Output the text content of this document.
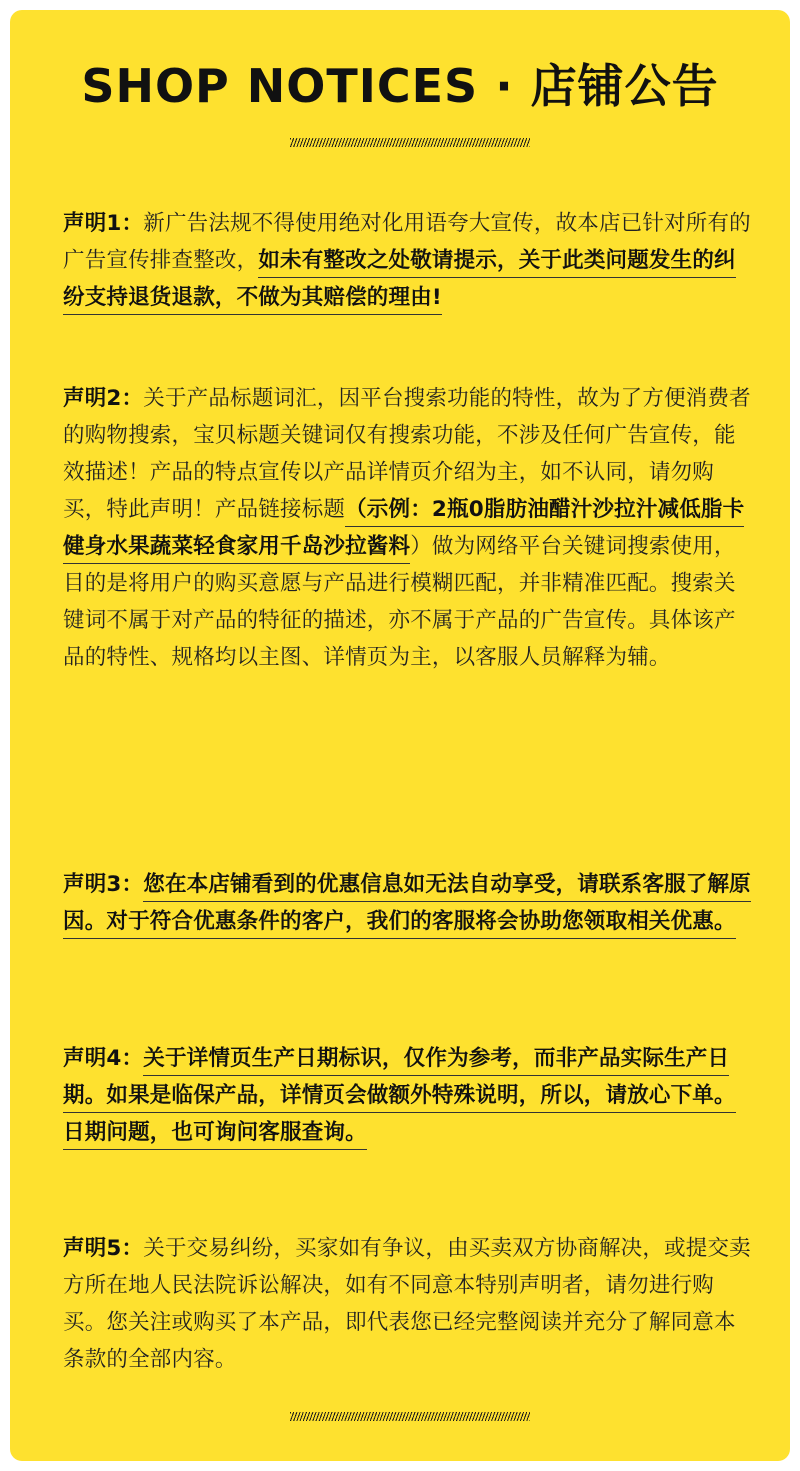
SHOP NOTICES · 店铺公告
声明1：新广告法规不得使用绝对化用语夸大宣传，故本店已针对所有的广告宣传排查整改，如未有整改之处敬请提示，关于此类问题发生的纠纷支持退货退款，不做为其赔偿的理由!
声明2：关于产品标题词汇，因平台搜索功能的特性，故为了方便消费者的购物搜索，宝贝标题关键词仅有搜索功能，不涉及任何广告宣传，能效描述！产品的特点宣传以产品详情页介绍为主，如不认同，请勿购买，特此声明！产品链接标题（示例：2瓶0脂肪油醋汁沙拉汁减低脂卡健身水果蔬菜轻食家用千岛沙拉酱料）做为网络平台关键词搜索使用，目的是将用户的购买意愿与产品进行模糊匹配，并非精准匹配。搜索关键词不属于对产品的特征的描述，亦不属于产品的广告宣传。具体该产品的特性、规格均以主图、详情页为主，以客服人员解释为辅。
声明3：您在本店铺看到的优惠信息如无法自动享受，请联系客服了解原因。对于符合优惠条件的客户，我们的客服将会协助您领取相关优惠。
声明4：关于详情页生产日期标识，仅作为参考，而非产品实际生产日期。如果是临保产品，详情页会做额外特殊说明，所以，请放心下单。日期问题，也可询问客服查询。
声明5：关于交易纠纷，买家如有争议，由买卖双方协商解决，或提交卖方所在地人民法院诉讼解决，如有不同意本特别声明者，请勿进行购买。您关注或购买了本产品，即代表您已经完整阅读并充分了解同意本条款的全部内容。
